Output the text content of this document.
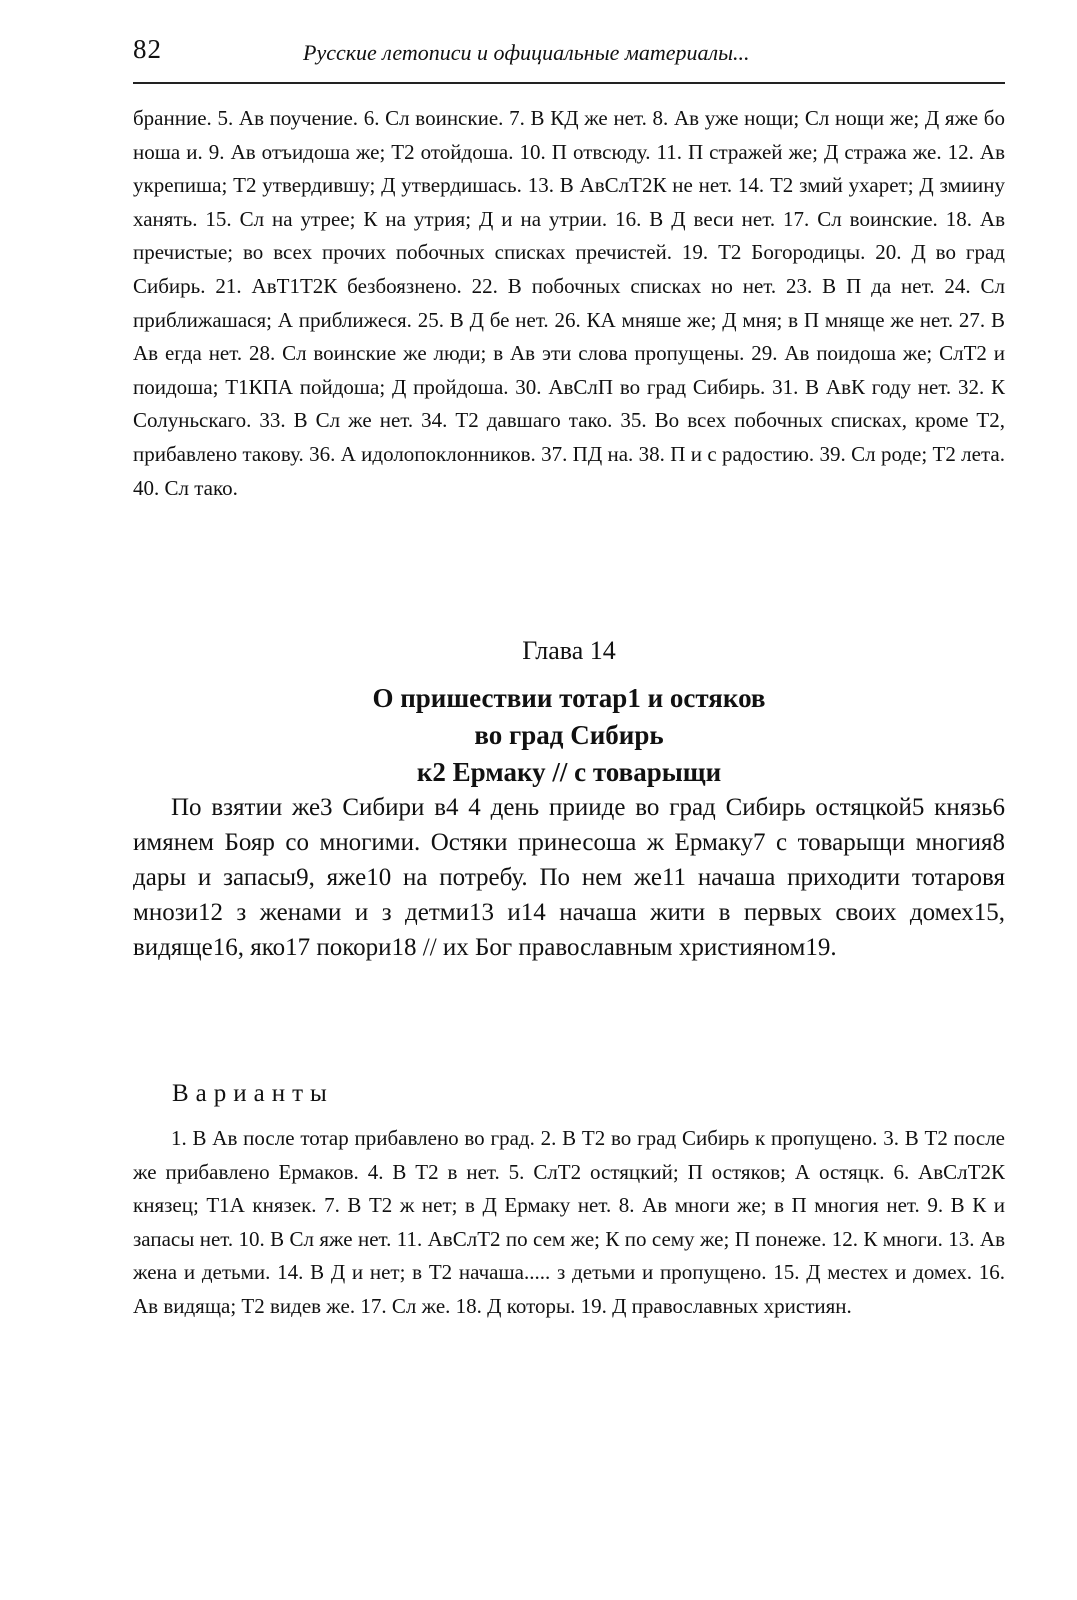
82	Русские летописи и официальные материалы...

бранние. 5. Ав поучение. 6. Сл воинские. 7. В КД же нет. 8. Ав уже нощи; Сл нощи же; Д яже бо ноша и. 9. Ав отъидоша же; Т2 отойдоша. 10. П отвсюду. 11. П стражей же; Д стража же. 12. Ав укрепиша; Т2 утвердившу; Д утвердишась. 13. В АвСлТ2К не нет. 14. Т2 змий ухарет; Д змиину ханять. 15. Сл на утрее; К на утрия; Д и на утрии. 16. В Д веси нет. 17. Сл воинские. 18. Ав пречистые; во всех прочих побочных списках пречистей. 19. Т2 Богородицы. 20. Д во град Сибирь. 21. АвТ1Т2К безбоязнено. 22. В побочных списках но нет. 23. В П да нет. 24. Сл приближашася; А приближеся. 25. В Д бе нет. 26. КА мняше же; Д мня; в П мняще же нет. 27. В Ав егда нет. 28. Сл воинские же люди; в Ав эти слова пропущены. 29. Ав поидоша же; СлТ2 и поидоша; Т1КПА пойдоша; Д пройдоша. 30. АвСлП во град Сибирь. 31. В АвК году нет. 32. К Солуньскаго. 33. В Сл же нет. 34. Т2 давшаго тако. 35. Во всех побочных списках, кроме Т2, прибавлено такову. 36. А идолопоклонников. 37. ПД на. 38. П и с радостию. 39. Сл роде; Т2 лета. 40. Сл тако.

Глава 14
О пришествии тотар1 и остяков
во град Сибирь
к2 Ермаку // с товарыщи

По взятии же3 Сибири в4 4 день прииде во град Сибирь остяцкой5 князь6 имянем Бояр со многими. Остяки принесоша ж Ермаку7 с товарыщи многия8 дары и запасы9, яже10 на потребу. По нем же11 начаша приходити тотаровя мнози12 з женами и з детми13 и14 начаша жити в первых своих домех15, видяще16, яко17 покори18 // их Бог православным християном19.

Варианты

1. В Ав после тотар прибавлено во град. 2. В Т2 во град Сибирь к пропущено. 3. В Т2 после же прибавлено Ермаков. 4. В Т2 в нет. 5. СлТ2 остяцкий; П остяков; А остяцк. 6. АвСлТ2К князец; Т1А князек. 7. В Т2 ж нет; в Д Ермаку нет. 8. Ав многи же; в П многия нет. 9. В К и запасы нет. 10. В Сл яже нет. 11. АвСлТ2 по сем же; К по сему же; П понеже. 12. К многи. 13. Ав жена и детьми. 14. В Д и нет; в Т2 начаша..... з детьми и пропущено. 15. Д местех и домех. 16. Ав видяща; Т2 видев же. 17. Сл же. 18. Д которы. 19. Д православных християн.
